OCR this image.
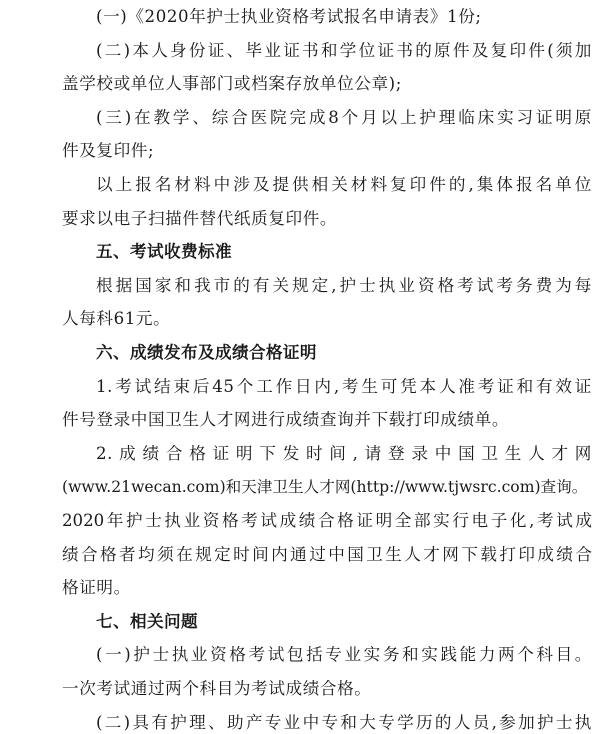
(一)《2020年护士执业资格考试报名申请表》1份;
(二)本人身份证、毕业证书和学位证书的原件及复印件(须加
盖学校或单位人事部门或档案存放单位公章);
(三)在教学、综合医院完成8个月以上护理临床实习证明原
件及复印件;
以上报名材料中涉及提供相关材料复印件的,集体报名单位
要求以电子扫描件替代纸质复印件。
五、考试收费标准
根据国家和我市的有关规定,护士执业资格考试考务费为每
人每科61元。
六、成绩发布及成绩合格证明
1.考试结束后45个工作日内,考生可凭本人准考证和有效证
件号登录中国卫生人才网进行成绩查询并下载打印成绩单。
2.成绩合格证明下发时间,请登录中国卫生人才网
(www.21wecan.com)和天津卫生人才网(http://www.tjwsrc.com)查询。
2020年护士执业资格考试成绩合格证明全部实行电子化,考试成
绩合格者均须在规定时间内通过中国卫生人才网下载打印成绩合
格证明。
七、相关问题
(一)护士执业资格考试包括专业实务和实践能力两个科目。
一次考试通过两个科目为考试成绩合格。
(二)具有护理、助产专业中专和大专学历的人员,参加护士执
